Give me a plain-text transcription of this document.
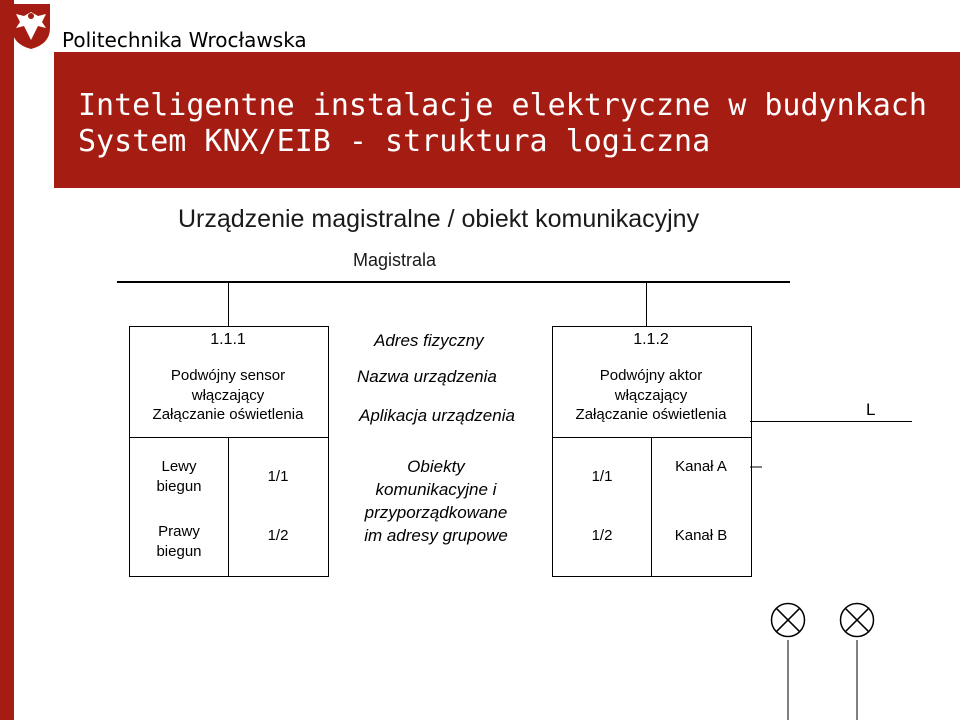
Politechnika Wrocławska
Inteligentne instalacje elektryczne w budynkach
System KNX/EIB - struktura logiczna
Urządzenie magistralne / obiekt komunikacyjny
Magistrala
1.1.1
Podwójny sensor
włączający
Załączanie oświetlenia
Lewy
biegun
Prawy
biegun
1/1
1/2
Adres fizyczny
Nazwa urządzenia
Aplikacja urządzenia
Obiekty
komunikacyjne i
przyporządkowane
im adresy grupowe
1.1.2
Podwójny aktor
włączający
Załączanie oświetlenia
1/1
1/2
Kanał A
Kanał B
L
